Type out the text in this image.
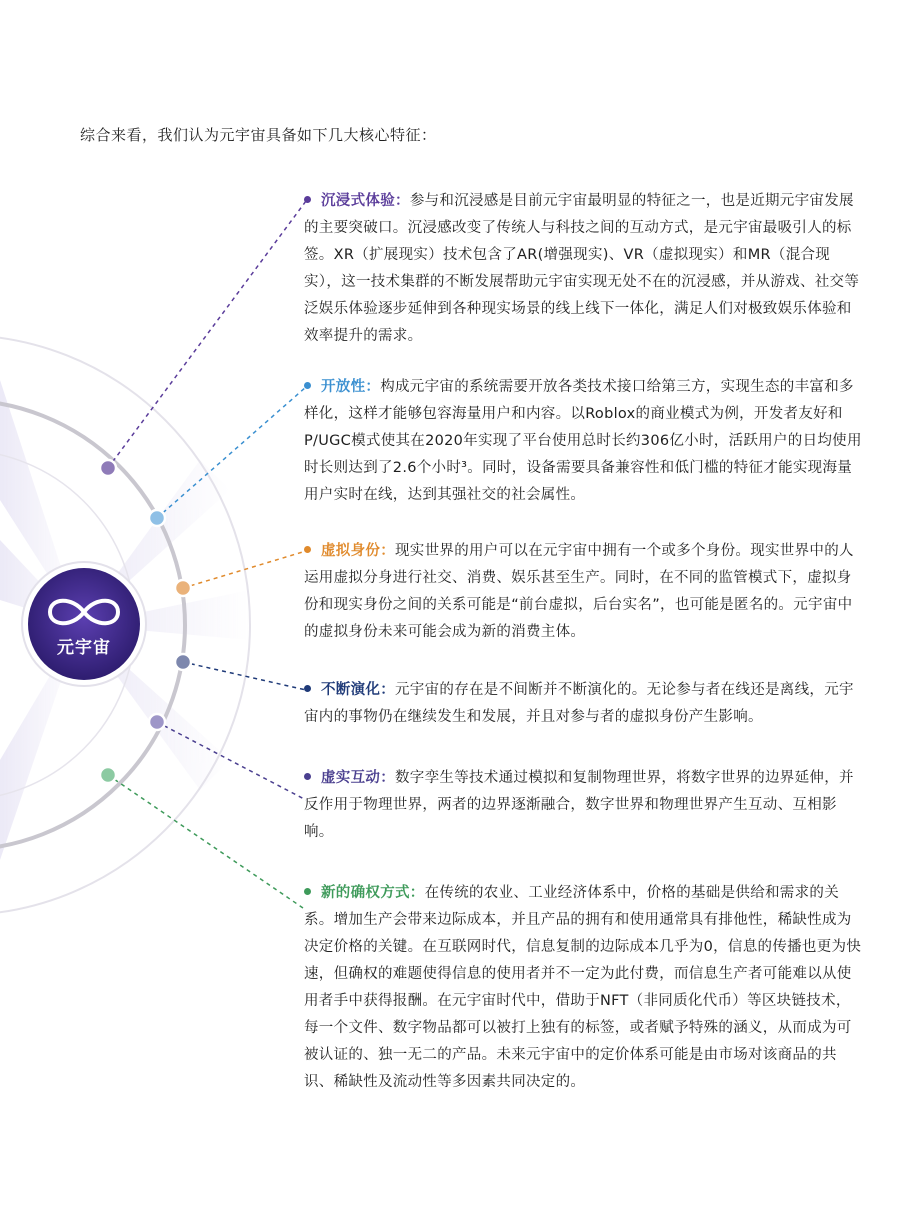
综合来看，我们认为元宇宙具备如下几大核心特征：
元宇宙
沉浸式体验：参与和沉浸感是目前元宇宙最明显的特征之一，也是近期元宇宙发展的主要突破口。沉浸感改变了传统人与科技之间的互动方式，是元宇宙最吸引人的标签。XR（扩展现实）技术包含了AR(增强现实)、VR（虚拟现实）和MR（混合现实），这一技术集群的不断发展帮助元宇宙实现无处不在的沉浸感，并从游戏、社交等泛娱乐体验逐步延伸到各种现实场景的线上线下一体化，满足人们对极致娱乐体验和效率提升的需求。
开放性：构成元宇宙的系统需要开放各类技术接口给第三方，实现生态的丰富和多样化，这样才能够包容海量用户和内容。以Roblox的商业模式为例，开发者友好和P/UGC模式使其在2020年实现了平台使用总时长约306亿小时，活跃用户的日均使用时长则达到了2.6个小时³。同时，设备需要具备兼容性和低门槛的特征才能实现海量用户实时在线，达到其强社交的社会属性。
虚拟身份：现实世界的用户可以在元宇宙中拥有一个或多个身份。现实世界中的人运用虚拟分身进行社交、消费、娱乐甚至生产。同时，在不同的监管模式下，虚拟身份和现实身份之间的关系可能是“前台虚拟，后台实名”，也可能是匿名的。元宇宙中的虚拟身份未来可能会成为新的消费主体。
不断演化：元宇宙的存在是不间断并不断演化的。无论参与者在线还是离线，元宇宙内的事物仍在继续发生和发展，并且对参与者的虚拟身份产生影响。
虚实互动：数字孪生等技术通过模拟和复制物理世界，将数字世界的边界延伸，并反作用于物理世界，两者的边界逐渐融合，数字世界和物理世界产生互动、互相影响。
新的确权方式：在传统的农业、工业经济体系中，价格的基础是供给和需求的关系。增加生产会带来边际成本，并且产品的拥有和使用通常具有排他性，稀缺性成为决定价格的关键。在互联网时代，信息复制的边际成本几乎为0，信息的传播也更为快速，但确权的难题使得信息的使用者并不一定为此付费，而信息生产者可能难以从使用者手中获得报酬。在元宇宙时代中，借助于NFT（非同质化代币）等区块链技术，每一个文件、数字物品都可以被打上独有的标签，或者赋予特殊的涵义，从而成为可被认证的、独一无二的产品。未来元宇宙中的定价体系可能是由市场对该商品的共识、稀缺性及流动性等多因素共同决定的。
